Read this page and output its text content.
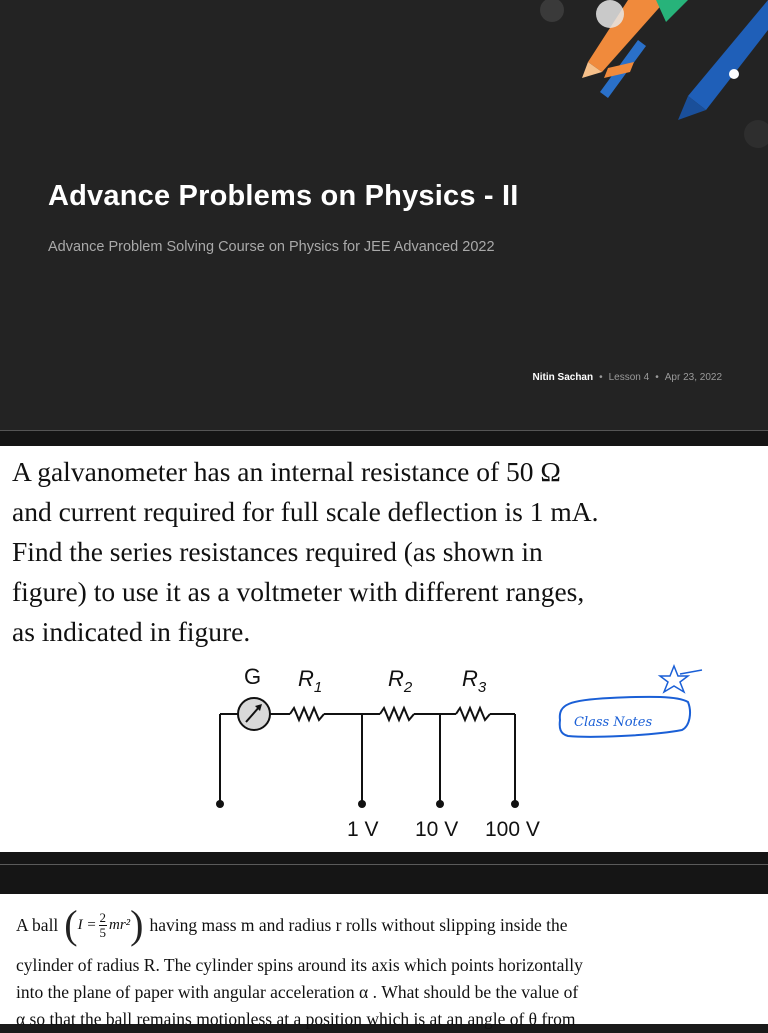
Advance Problems on Physics - II
Advance Problem Solving Course on Physics for JEE Advanced 2022
Nitin Sachan • Lesson 4 • Apr 23, 2022
A galvanometer has an internal resistance of 50 Ω
and current required for full scale deflection is 1 mA.
Find the series resistances required (as shown in
figure) to use it as a voltmeter with different ranges,
as indicated in figure.
G $R_1$	$R_2$ $R_3$
1 V 10 V 100 V
Class Notes
A ball ( $I = \frac{2}{5} mr^2$ ) having mass m and radius r rolls without slipping inside the
cylinder of radius R. The cylinder spins around its axis which points horizontally
into the plane of paper with angular acceleration α . What should be the value of
α so that the ball remains motionless at a position which is at an angle of θ from
